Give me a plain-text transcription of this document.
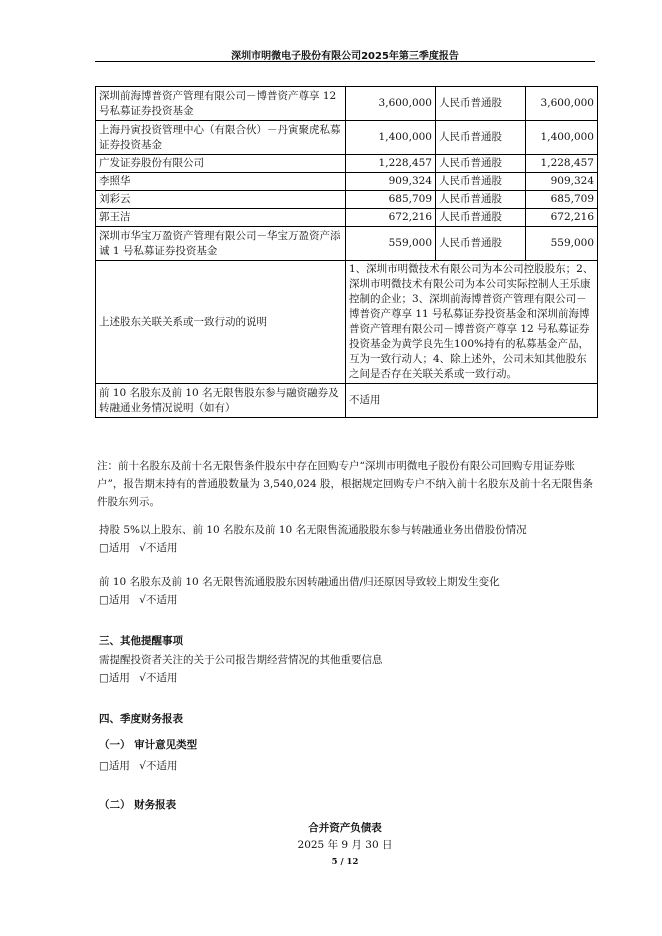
深圳市明微电子股份有限公司2025年第三季度报告
深圳前海博普资产管理有限公司－博普资产尊享 12 号私募证券投资基金	3,600,000	人民币普通股	3,600,000
上海丹寅投资管理中心（有限合伙）－丹寅聚虎私募证券投资基金	1,400,000	人民币普通股	1,400,000
广发证券股份有限公司	1,228,457	人民币普通股	1,228,457
李照华	909,324	人民币普通股	909,324
刘彩云	685,709	人民币普通股	685,709
郭王洁	672,216	人民币普通股	672,216
深圳市华宝万盈资产管理有限公司－华宝万盈资产添诚 1 号私募证券投资基金	559,000	人民币普通股	559,000
上述股东关联关系或一致行动的说明	1、深圳市明微技术有限公司为本公司控股股东；2、深圳市明微技术有限公司为本公司实际控制人王乐康控制的企业；3、深圳前海博普资产管理有限公司－博普资产尊享 11 号私募证券投资基金和深圳前海博普资产管理有限公司－博普资产尊享 12 号私募证券投资基金为黄学良先生100%持有的私募基金产品，互为一致行动人；4、除上述外，公司未知其他股东之间是否存在关联关系或一致行动。		
前 10 名股东及前 10 名无限售股东参与融资融券及转融通业务情况说明（如有）	不适用		
注：前十名股东及前十名无限售条件股东中存在回购专户“深圳市明微电子股份有限公司回购专用证券账户”，报告期末持有的普通股数量为 3,540,024 股，根据规定回购专户不纳入前十名股东及前十名无限售条件股东列示。
持股 5%以上股东、前 10 名股东及前 10 名无限售流通股股东参与转融通业务出借股份情况
□适用 √不适用
前 10 名股东及前 10 名无限售流通股股东因转融通出借/归还原因导致较上期发生变化
□适用 √不适用
三、其他提醒事项
需提醒投资者关注的关于公司报告期经营情况的其他重要信息
□适用 √不适用
四、季度财务报表
（一） 审计意见类型
□适用 √不适用
（二） 财务报表
合并资产负债表
2025 年 9 月 30 日
5 / 12
